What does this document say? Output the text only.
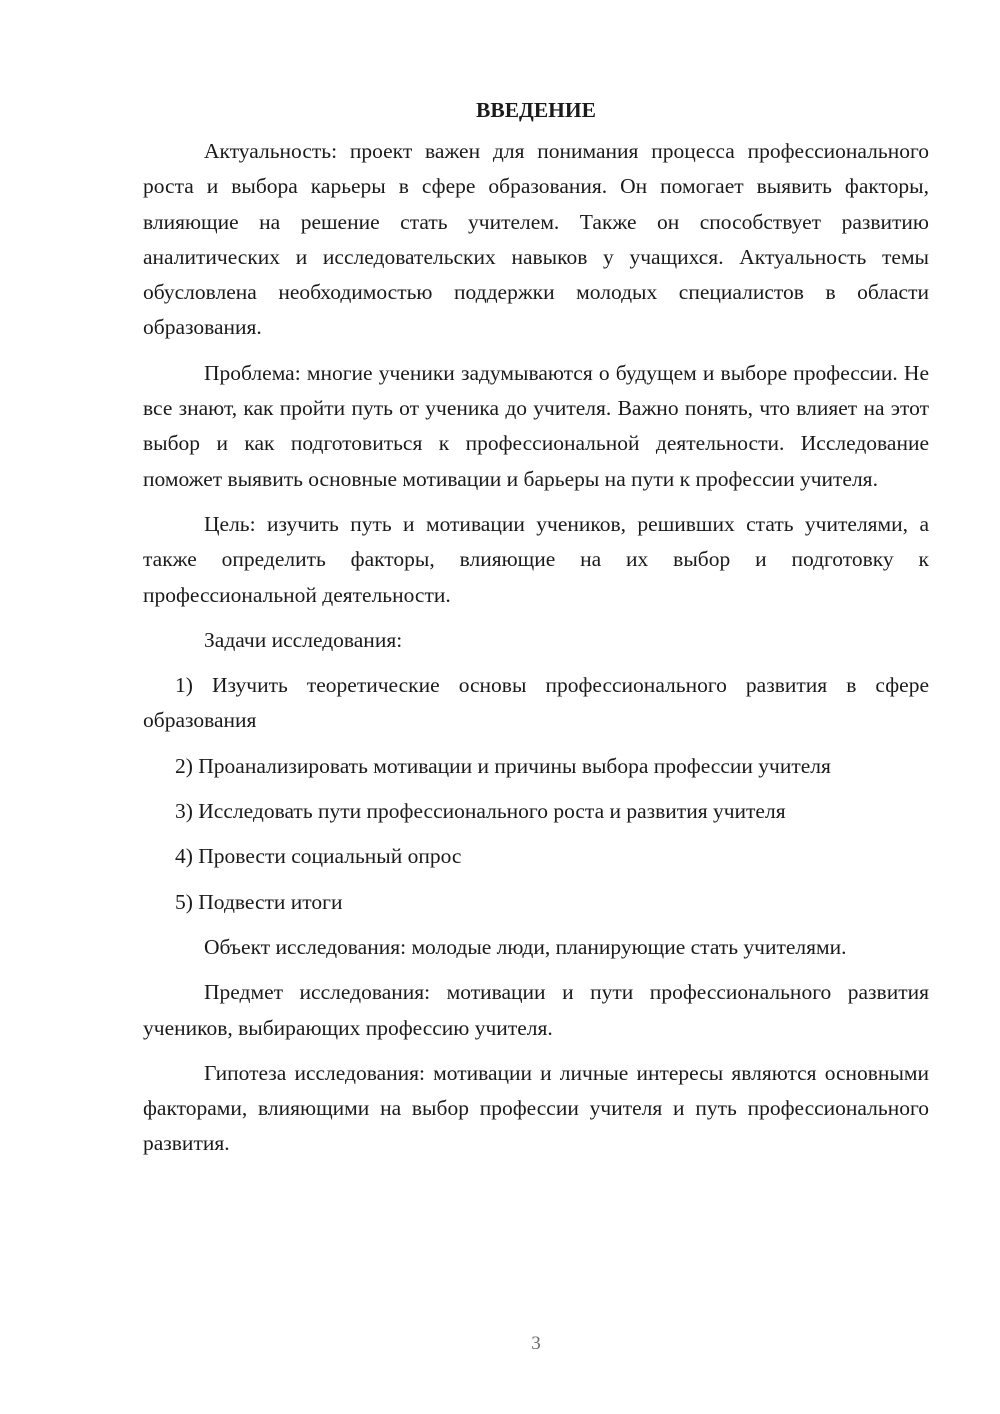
ВВЕДЕНИЕ

Актуальность: проект важен для понимания процесса профессионального роста и выбора карьеры в сфере образования. Он помогает выявить факторы, влияющие на решение стать учителем. Также он способствует развитию аналитических и исследовательских навыков у учащихся. Актуальность темы обусловлена необходимостью поддержки молодых специалистов в области образования.

Проблема: многие ученики задумываются о будущем и выборе профессии. Не все знают, как пройти путь от ученика до учителя. Важно понять, что влияет на этот выбор и как подготовиться к профессиональной деятельности. Исследование поможет выявить основные мотивации и барьеры на пути к профессии учителя.

Цель: изучить путь и мотивации учеников, решивших стать учителями, а также определить факторы, влияющие на их выбор и подготовку к профессиональной деятельности.

Задачи исследования:

1) Изучить теоретические основы профессионального развития в сфере образования

2) Проанализировать мотивации и причины выбора профессии учителя

3) Исследовать пути профессионального роста и развития учителя

4) Провести социальный опрос

5) Подвести итоги

Объект исследования: молодые люди, планирующие стать учителями.

Предмет исследования: мотивации и пути профессионального развития учеников, выбирающих профессию учителя.

Гипотеза исследования: мотивации и личные интересы являются основными факторами, влияющими на выбор профессии учителя и путь профессионального развития.

3
